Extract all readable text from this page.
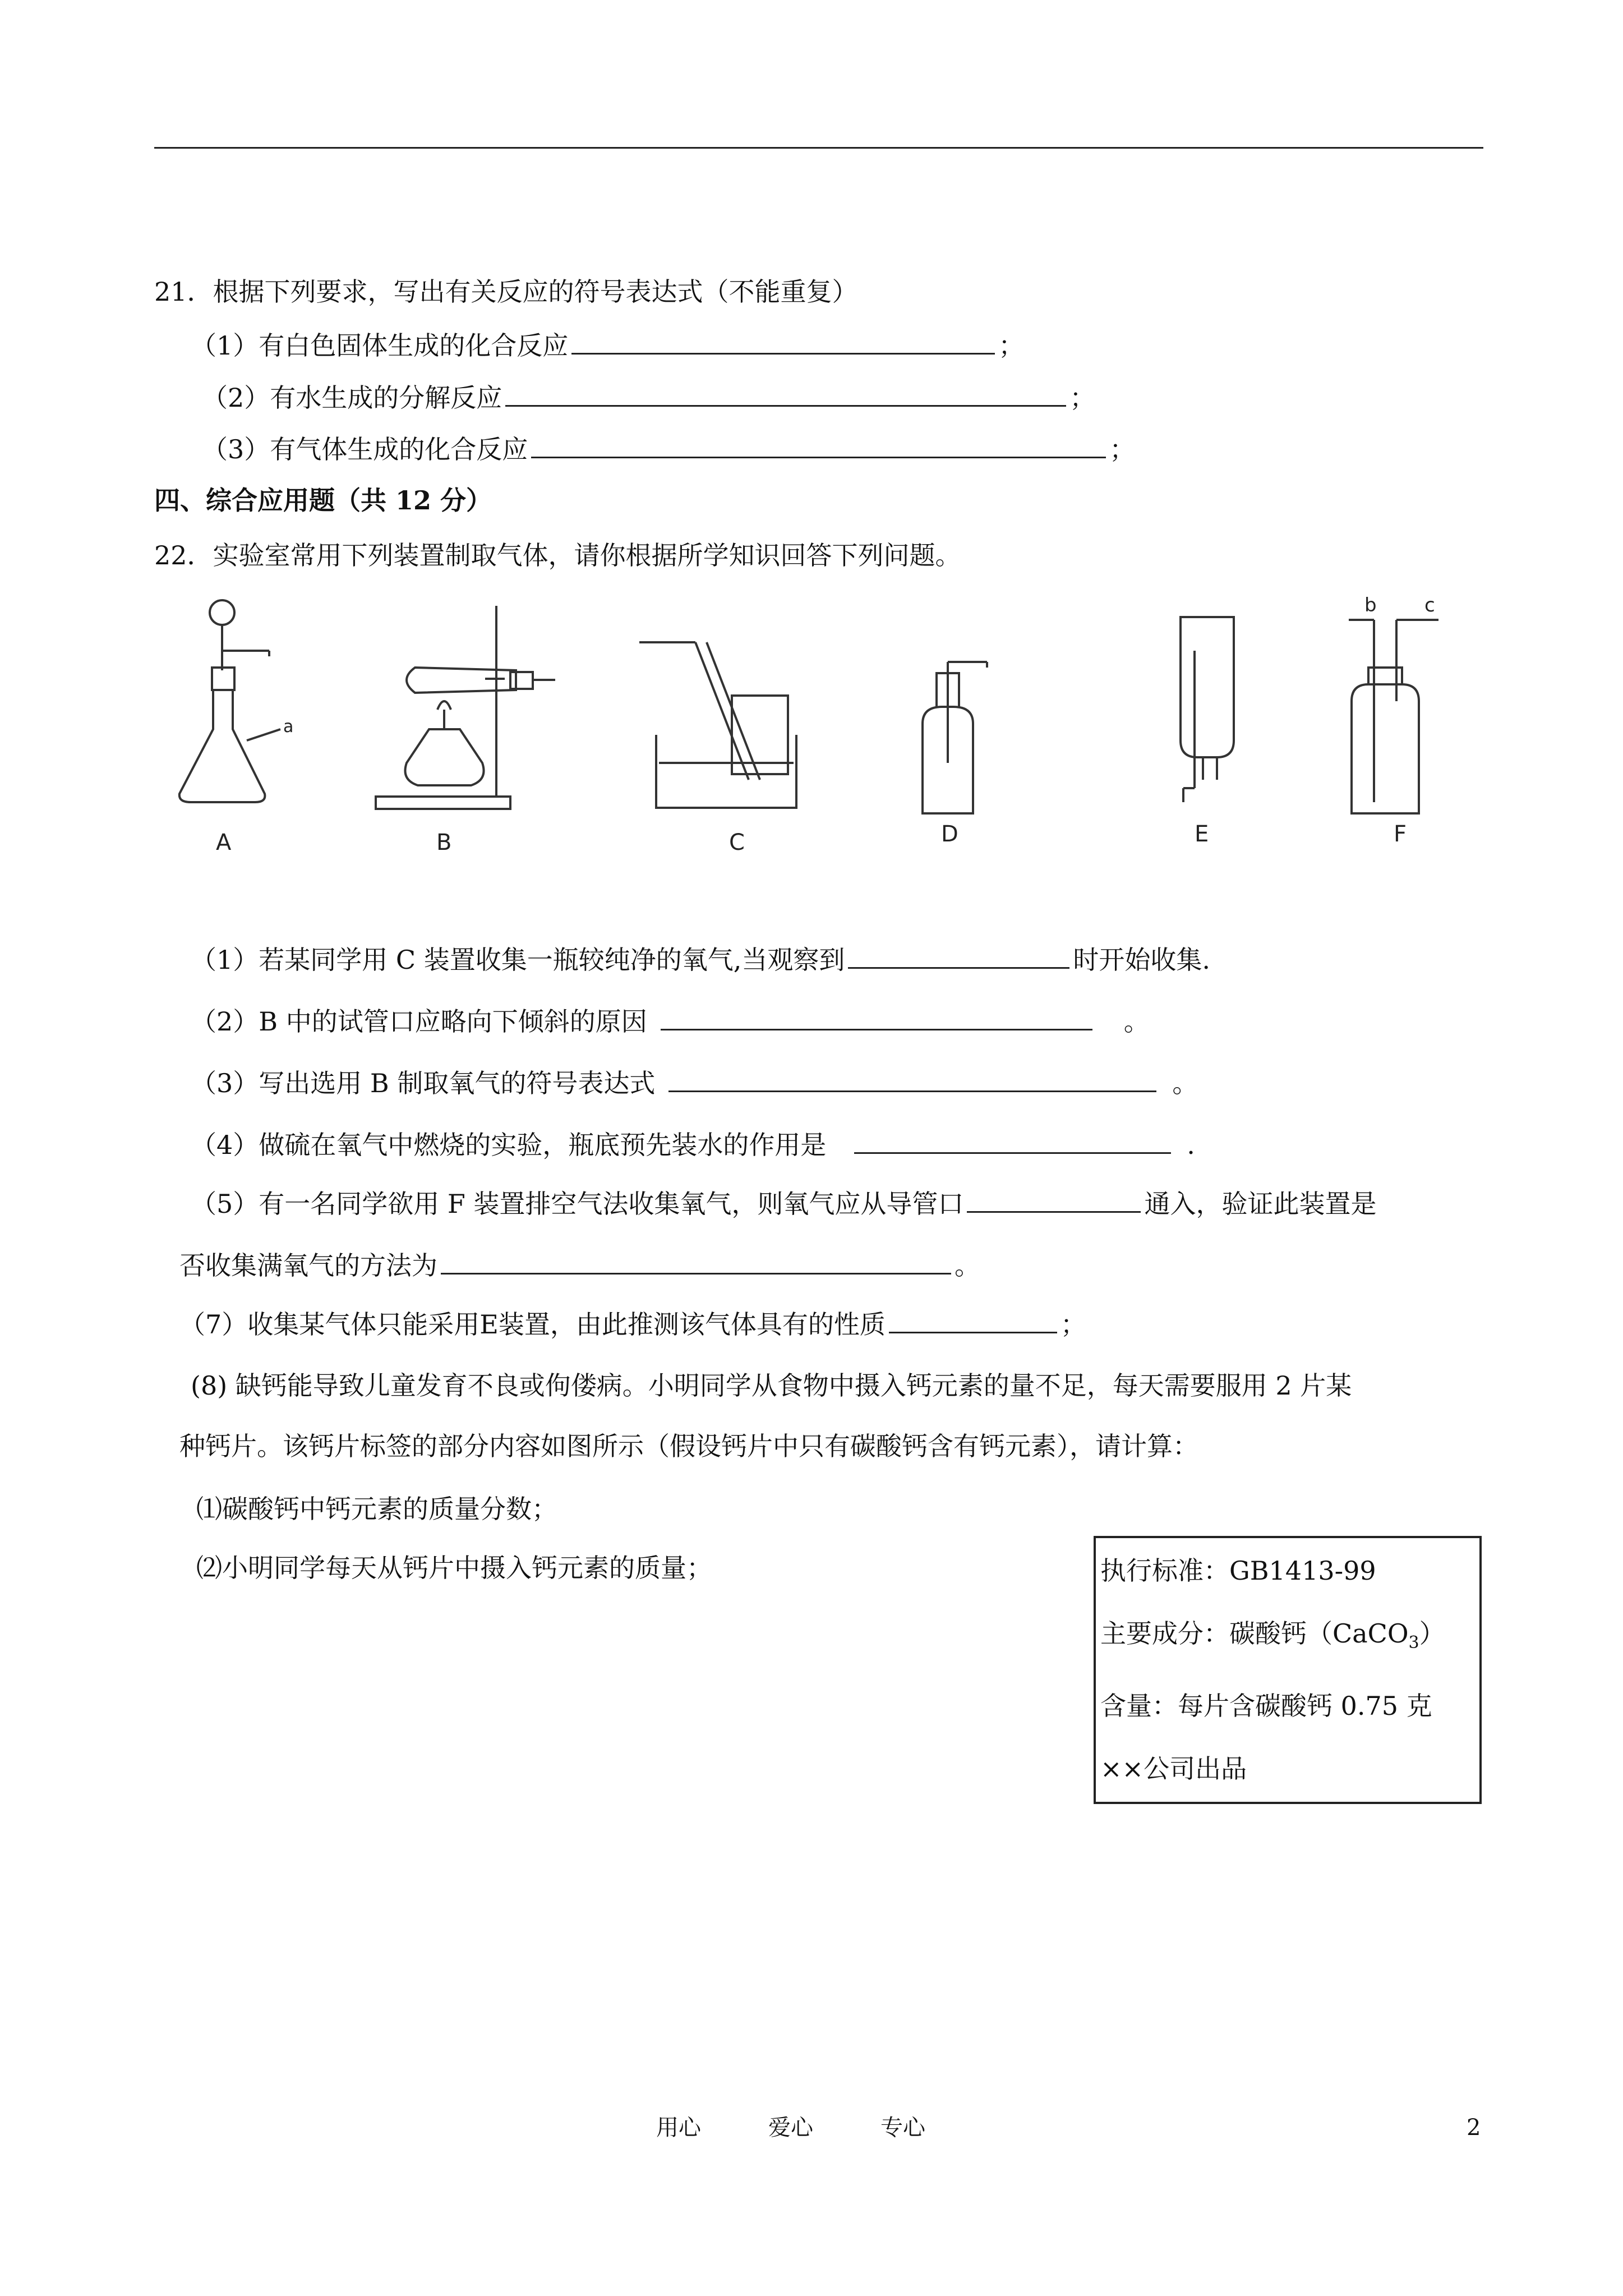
21．根据下列要求，写出有关反应的符号表达式（不能重复）
（1）有白色固体生成的化合反应	；
（2）有水生成的分解反应	；
（3）有气体生成的化合反应	；
四、综合应用题（共 12 分）
22．实验室常用下列装置制取气体，请你根据所学知识回答下列问题。
A	B	C	D	E	F
a
b	c
（1）若某同学用 C 装置收集一瓶较纯净的氧气,当观察到	时开始收集.
（2）B 中的试管口应略向下倾斜的原因	。
（3）写出选用 B 制取氧气的符号表达式	。
（4）做硫在氧气中燃烧的实验，瓶底预先装水的作用是	.
（5）有一名同学欲用 F 装置排空气法收集氧气，则氧气应从导管口	通入，验证此装置是
否收集满氧气的方法为	。
（7）收集某气体只能采用E装置，由此推测该气体具有的性质	；
(8) 缺钙能导致儿童发育不良或佝偻病。小明同学从食物中摄入钙元素的量不足，每天需要服用 2 片某
种钙片。该钙片标签的部分内容如图所示（假设钙片中只有碳酸钙含有钙元素），请计算：
⑴碳酸钙中钙元素的质量分数；
⑵小明同学每天从钙片中摄入钙元素的质量；	执行标准：GB1413-99
主要成分：碳酸钙（CaCO$_3$）
含量：每片含碳酸钙 0.75 克
××公司出品
用心	爱心	专心	2
